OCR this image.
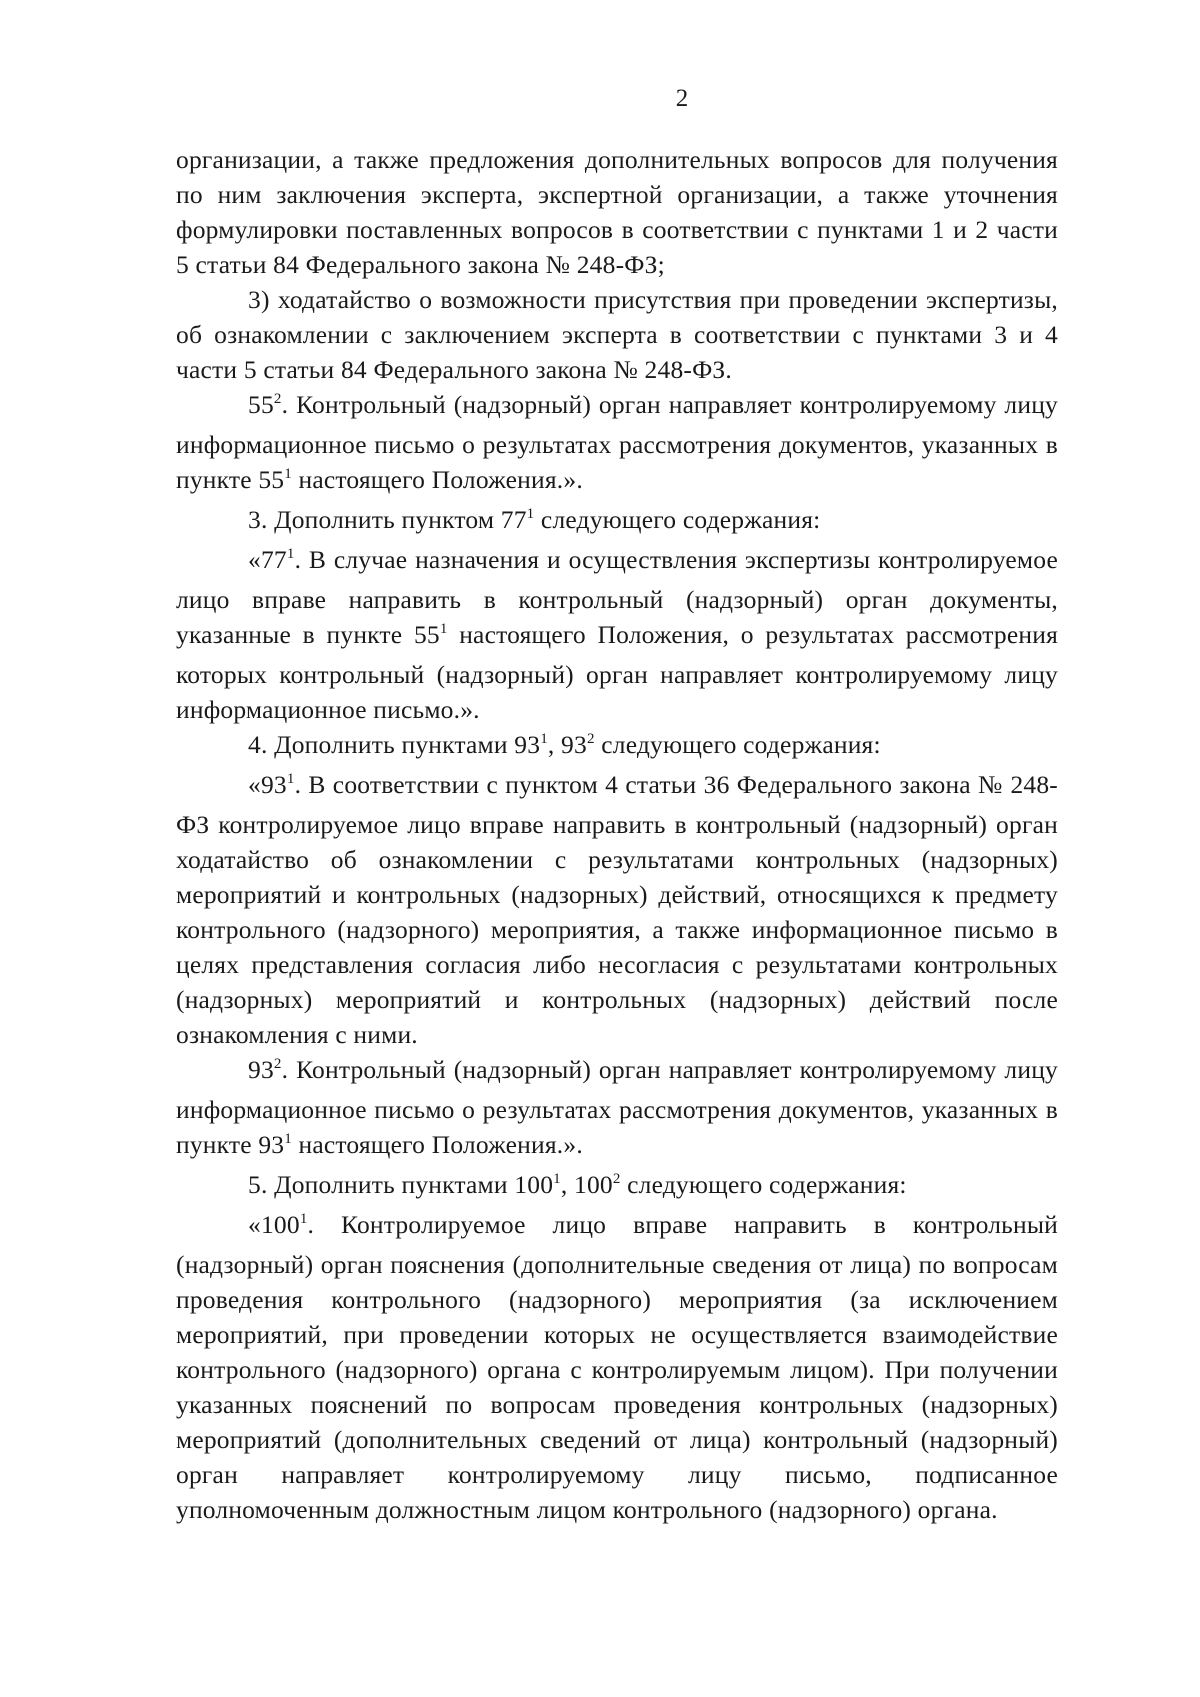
2

организации, а также предложения дополнительных вопросов для получения по ним заключения эксперта, экспертной организации, а также уточнения формулировки поставленных вопросов в соответствии с пунктами 1 и 2 части 5 статьи 84 Федерального закона № 248-ФЗ;

3) ходатайство о возможности присутствия при проведении экспертизы, об ознакомлении с заключением эксперта в соответствии с пунктами 3 и 4 части 5 статьи 84 Федерального закона № 248-ФЗ.

$55^2$. Контрольный (надзорный) орган направляет контролируемому лицу информационное письмо о результатах рассмотрения документов, указанных в пункте $55^1$ настоящего Положения.».

3. Дополнить пунктом $77^1$ следующего содержания:

«$77^1$. В случае назначения и осуществления экспертизы контролируемое лицо вправе направить в контрольный (надзорный) орган документы, указанные в пункте $55^1$ настоящего Положения, о результатах рассмотрения которых контрольный (надзорный) орган направляет контролируемому лицу информационное письмо.».

4. Дополнить пунктами $93^1$, $93^2$ следующего содержания:

«$93^1$. В соответствии с пунктом 4 статьи 36 Федерального закона № 248-ФЗ контролируемое лицо вправе направить в контрольный (надзорный) орган ходатайство об ознакомлении с результатами контрольных (надзорных) мероприятий и контрольных (надзорных) действий, относящихся к предмету контрольного (надзорного) мероприятия, а также информационное письмо в целях представления согласия либо несогласия с результатами контрольных (надзорных) мероприятий и контрольных (надзорных) действий после ознакомления с ними.

$93^2$. Контрольный (надзорный) орган направляет контролируемому лицу информационное письмо о результатах рассмотрения документов, указанных в пункте $93^1$ настоящего Положения.».

5. Дополнить пунктами $100^1$, $100^2$ следующего содержания:

«$100^1$. Контролируемое лицо вправе направить в контрольный (надзорный) орган пояснения (дополнительные сведения от лица) по вопросам проведения контрольного (надзорного) мероприятия (за исключением мероприятий, при проведении которых не осуществляется взаимодействие контрольного (надзорного) органа с контролируемым лицом). При получении указанных пояснений по вопросам проведения контрольных (надзорных) мероприятий (дополнительных сведений от лица) контрольный (надзорный) орган направляет контролируемому лицу письмо, подписанное уполномоченным должностным лицом контрольного (надзорного) органа.
